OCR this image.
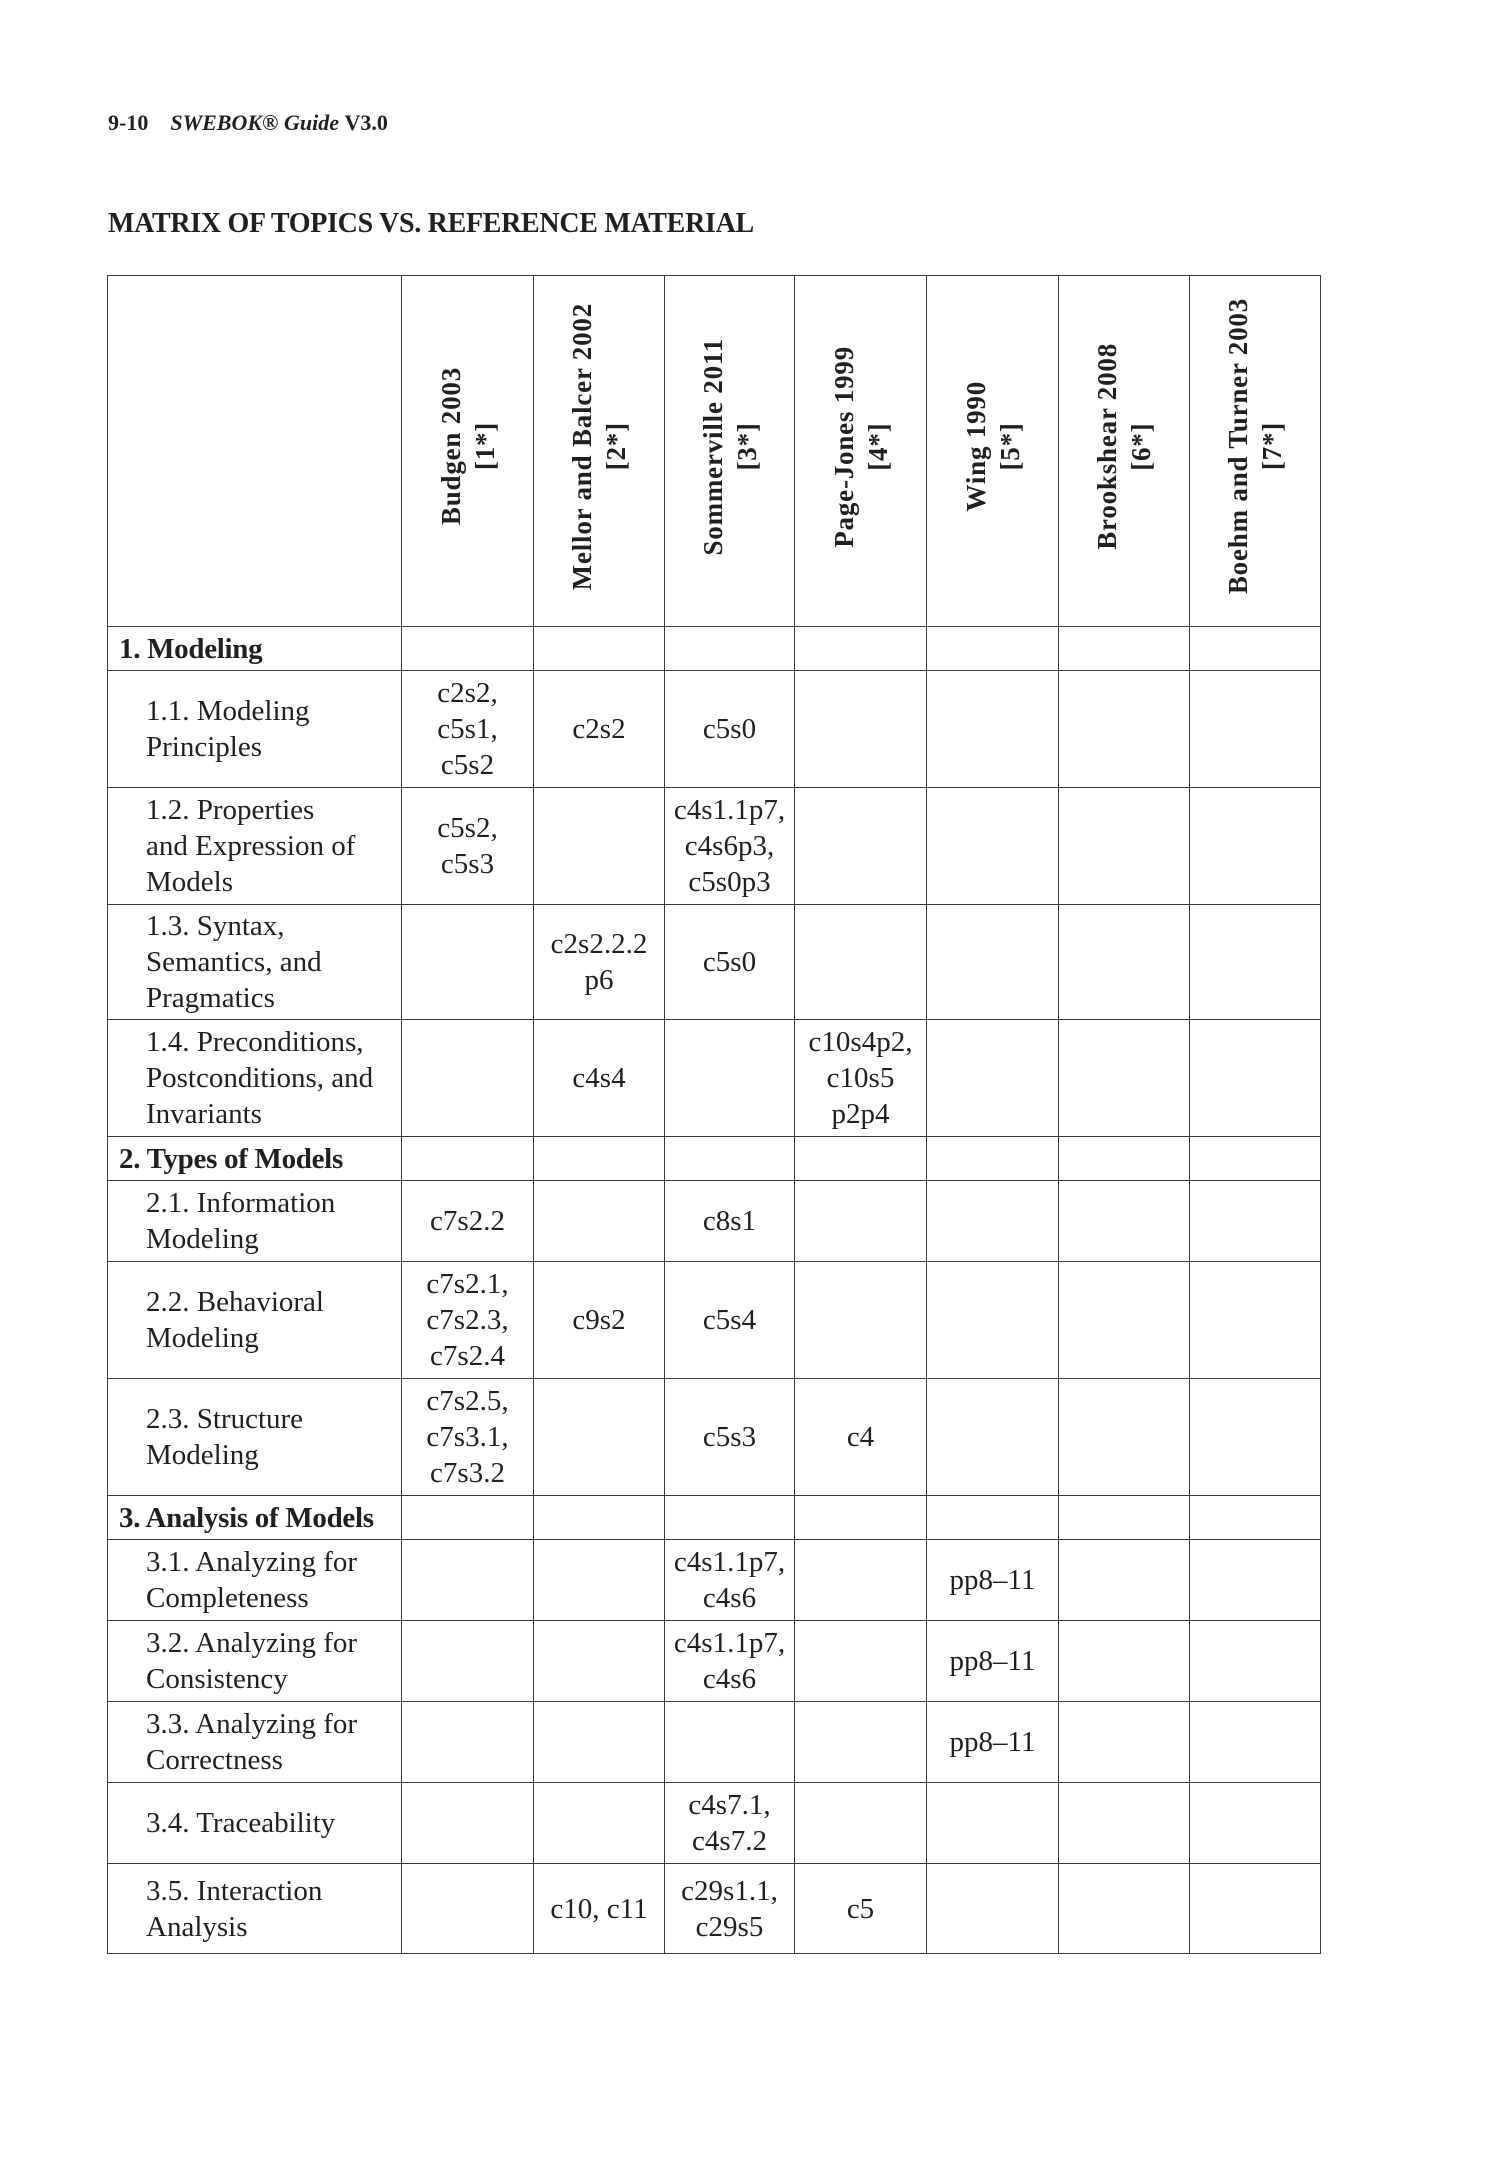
9-10 SWEBOK® Guide V3.0
MATRIX OF TOPICS VS. REFERENCE MATERIAL
	Budgen 2003 [1*]	Mellor and Balcer 2002 [2*]	Sommerville 2011 [3*]	Page-Jones 1999 [4*]	Wing 1990 [5*]	Brookshear 2008 [6*]	Boehm and Turner 2003 [7*]
1. Modeling							
1.1. Modeling
Principles	c2s2,
c5s1,
c5s2	c2s2	c5s0				
1.2. Properties
and Expression of
Models	c5s2,
c5s3		c4s1.1p7,
c4s6p3,
c5s0p3				
1.3. Syntax,
Semantics, and
Pragmatics		c2s2.2.2
p6	c5s0				
1.4. Preconditions,
Postconditions, and
Invariants		c4s4		c10s4p2,
c10s5
p2p4			
2. Types of Models							
2.1. Information
Modeling	c7s2.2		c8s1				
2.2. Behavioral
Modeling	c7s2.1,
c7s2.3,
c7s2.4	c9s2	c5s4				
2.3. Structure
Modeling	c7s2.5,
c7s3.1,
c7s3.2		c5s3	c4			
3. Analysis of Models							
3.1. Analyzing for
Completeness			c4s1.1p7,
c4s6		pp8–11		
3.2. Analyzing for
Consistency			c4s1.1p7,
c4s6		pp8–11		
3.3. Analyzing for
Correctness					pp8–11		
3.4. Traceability			c4s7.1,
c4s7.2				
3.5. Interaction
Analysis		c10, c11	c29s1.1,
c29s5	c5			
